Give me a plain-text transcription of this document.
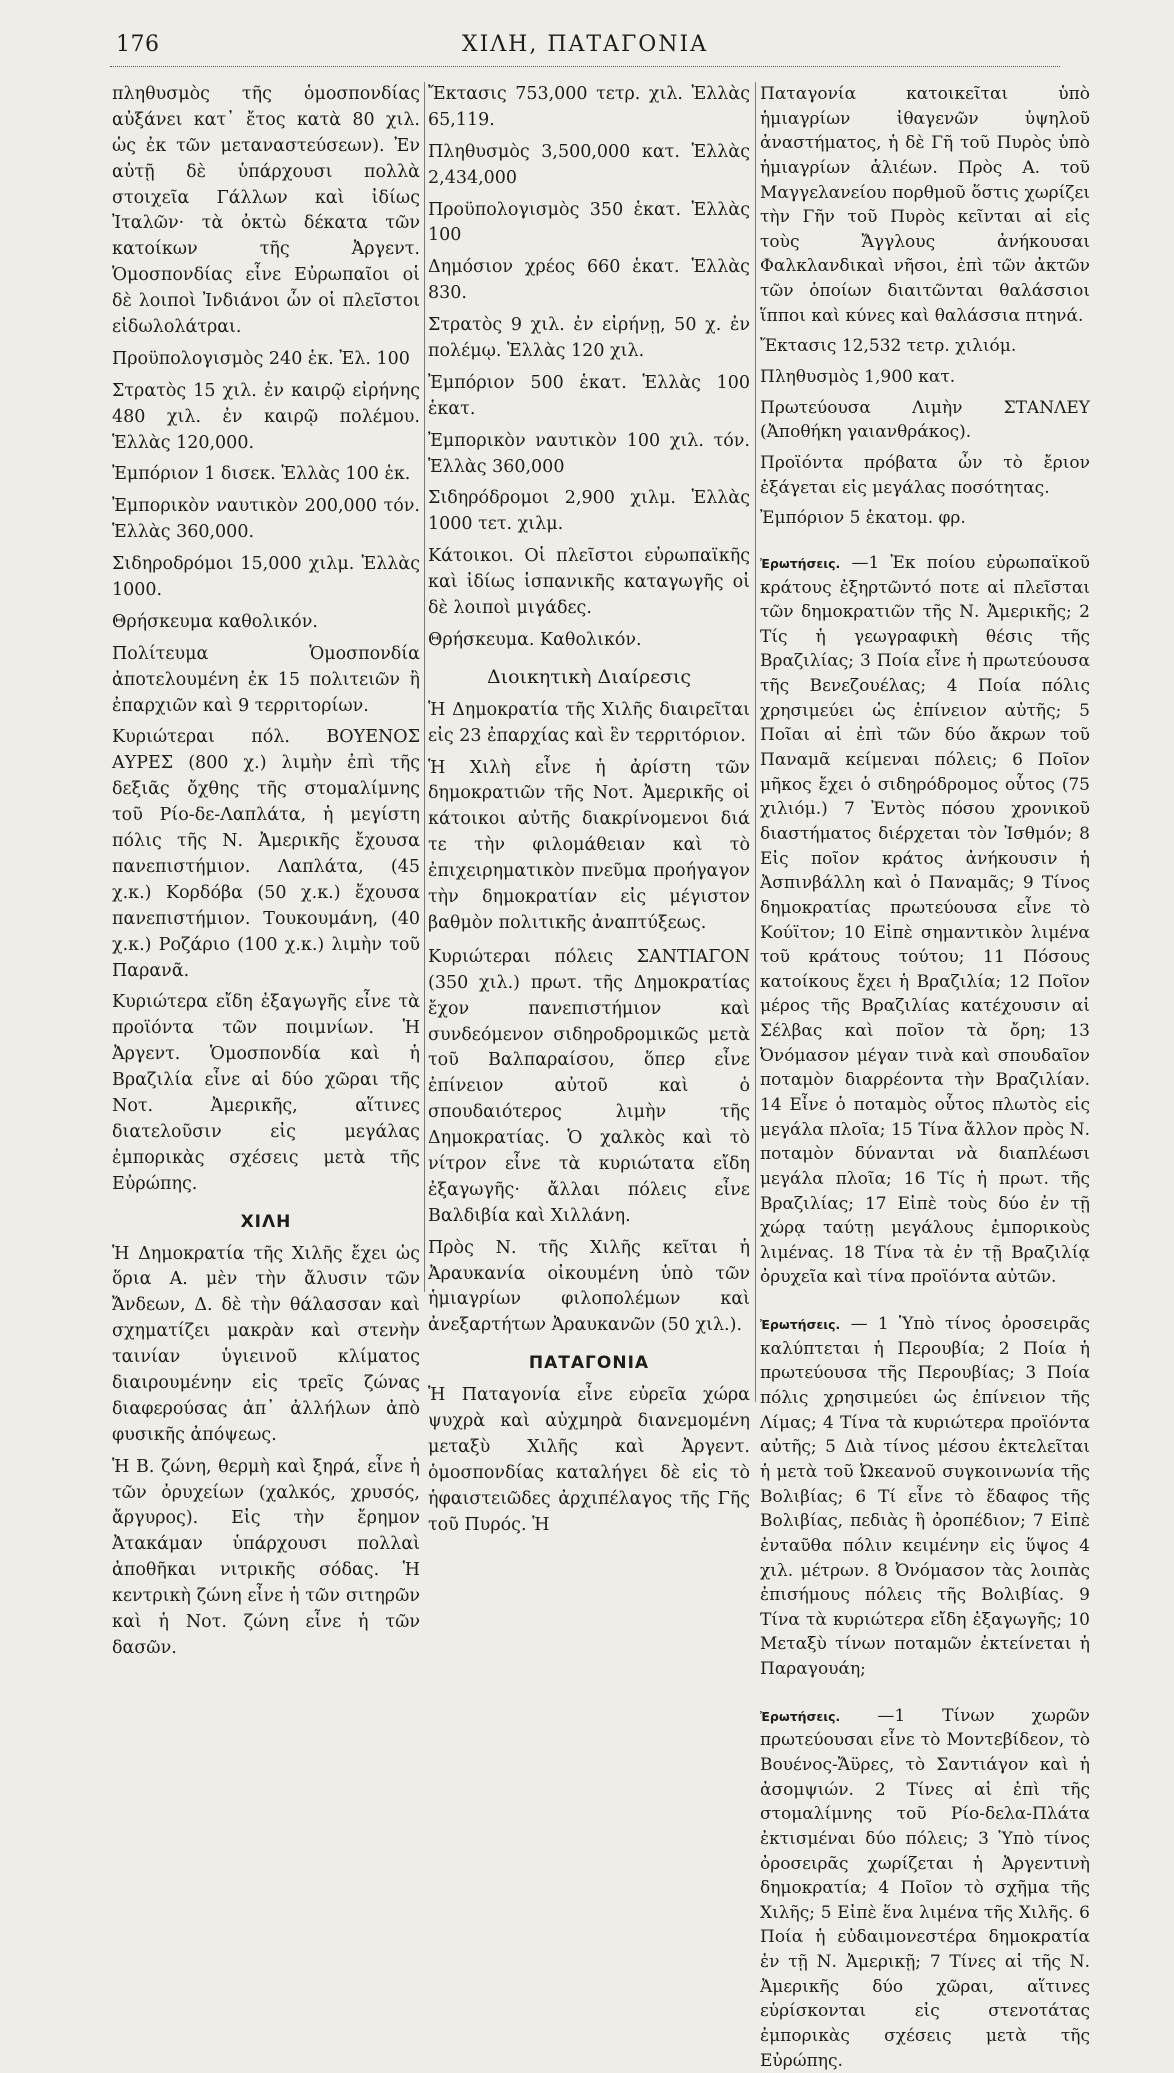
176	ΧΙΛΗ, ΠΑΤΑΓΟΝΙΑ

πληθυσμὸς τῆς ὁμοσπονδίας αὐξάνει κατ᾽ ἔτος κατὰ 80 χιλ. ὡς ἐκ τῶν μεταναστεύσεων). Ἐν αὐτῇ δὲ ὑπάρχουσι πολλὰ στοιχεῖα Γάλλων καὶ ἰδίως Ἰταλῶν· τὰ ὀκτὼ δέκατα τῶν κατοίκων τῆς Ἀργεντ. Ὁμοσπονδίας εἶνε Εὐρωπαῖοι οἱ δὲ λοιποὶ Ἰνδιάνοι ὧν οἱ πλεῖστοι εἰδωλολάτραι.

Προϋπολογισμὸς 240 ἑκ. Ἐλ. 100

Στρατὸς 15 χιλ. ἐν καιρῷ εἰρήνης 480 χιλ. ἐν καιρῷ πολέμου. Ἑλλὰς 120,000.

Ἐμπόριον 1 δισεκ. Ἑλλὰς 100 ἑκ.

Ἐμπορικὸν ναυτικὸν 200,000 τόν. Ἑλλὰς 360,000.

Σιδηροδρόμοι 15,000 χιλμ. Ἑλλὰς 1000.

Θρήσκευμα καθολικόν.

Πολίτευμα Ὁμοσπονδία ἀποτελουμένη ἐκ 15 πολιτειῶν ἢ ἐπαρχιῶν καὶ 9 τερριτορίων.

Κυριώτεραι πόλ. ΒΟΥΕΝΟΣ ΑΥΡΕΣ (800 χ.) λιμὴν ἐπὶ τῆς δεξιᾶς ὄχθης τῆς στομαλίμνης τοῦ Ρίο-δε-Λαπλάτα, ἡ μεγίστη πόλις τῆς Ν. Ἀμερικῆς ἔχουσα πανεπιστήμιον. Λαπλάτα, (45 χ.κ.) Κορδόβα (50 χ.κ.) ἔχουσα πανεπιστήμιον. Τουκουμάνη, (40 χ.κ.) Ροζάριο (100 χ.κ.) λιμὴν τοῦ Παρανᾶ.

Κυριώτερα εἴδη ἐξαγωγῆς εἶνε τὰ προϊόντα τῶν ποιμνίων. Ἡ Ἀργεντ. Ὁμοσπονδία καὶ ἡ Βραζιλία εἶνε αἱ δύο χῶραι τῆς Νοτ. Ἀμερικῆς, αἵτινες διατελοῦσιν εἰς μεγάλας ἐμπορικὰς σχέσεις μετὰ τῆς Εὐρώπης.

ΧΙΛΗ

Ἡ Δημοκρατία τῆς Χιλῆς ἔχει ὡς ὅρια Α. μὲν τὴν ἄλυσιν τῶν Ἄνδεων, Δ. δὲ τὴν θάλασσαν καὶ σχηματίζει μακρὰν καὶ στενὴν ταινίαν ὑγιεινοῦ κλίματος διαιρουμένην εἰς τρεῖς ζώνας διαφερούσας ἀπ᾽ ἀλλήλων ἀπὸ φυσικῆς ἀπόψεως.

Ἡ Β. ζώνη, θερμὴ καὶ ξηρά, εἶνε ἡ τῶν ὀρυχείων (χαλκός, χρυσός, ἄργυρος). Εἰς τὴν ἔρημον Ἀτακάμαν ὑπάρχουσι πολλαὶ ἀποθῆκαι νιτρικῆς σόδας. Ἡ κεντρικὴ ζώνη εἶνε ἡ τῶν σιτηρῶν καὶ ἡ Νοτ. ζώνη εἶνε ἡ τῶν δασῶν.

Ἔκτασις 753,000 τετρ. χιλ. Ἑλλὰς 65,119.

Πληθυσμὸς 3,500,000 κατ. Ἑλλὰς 2,434,000

Προϋπολογισμὸς 350 ἑκατ. Ἑλλὰς 100

Δημόσιον χρέος 660 ἑκατ. Ἑλλὰς 830.

Στρατὸς 9 χιλ. ἐν εἰρήνῃ, 50 χ. ἐν πολέμῳ. Ἑλλὰς 120 χιλ.

Ἐμπόριον 500 ἑκατ. Ἑλλὰς 100 ἑκατ.

Ἐμπορικὸν ναυτικὸν 100 χιλ. τόν. Ἑλλὰς 360,000

Σιδηρόδρομοι 2,900 χιλμ. Ἑλλὰς 1000 τετ. χιλμ.

Κάτοικοι. Οἱ πλεῖστοι εὐρωπαϊκῆς καὶ ἰδίως ἱσπανικῆς καταγωγῆς οἱ δὲ λοιποὶ μιγάδες.

Θρήσκευμα. Καθολικόν.

Διοικητικὴ Διαίρεσις

Ἡ Δημοκρατία τῆς Χιλῆς διαιρεῖται εἰς 23 ἐπαρχίας καὶ ἓν τερριτόριον.

Ἡ Χιλὴ εἶνε ἡ ἀρίστη τῶν δημοκρατιῶν τῆς Νοτ. Ἀμερικῆς οἱ κάτοικοι αὐτῆς διακρίνομενοι διά τε τὴν φιλομάθειαν καὶ τὸ ἐπιχειρηματικὸν πνεῦμα προήγαγον τὴν δημοκρατίαν εἰς μέγιστον βαθμὸν πολιτικῆς ἀναπτύξεως.

Κυριώτεραι πόλεις ΣΑΝΤΙΑΓΟΝ (350 χιλ.) πρωτ. τῆς Δημοκρατίας ἔχον πανεπιστήμιον καὶ συνδεόμενον σιδηροδρομικῶς μετὰ τοῦ Βαλπαραίσου, ὅπερ εἶνε ἐπίνειον αὐτοῦ καὶ ὁ σπουδαιότερος λιμὴν τῆς Δημοκρατίας. Ὁ χαλκὸς καὶ τὸ νίτρον εἶνε τὰ κυριώτατα εἴδη ἐξαγωγῆς· ἄλλαι πόλεις εἶνε Βαλδιβία καὶ Χιλλάνη.

Πρὸς Ν. τῆς Χιλῆς κεῖται ἡ Ἀραυκανία οἰκουμένη ὑπὸ τῶν ἡμιαγρίων φιλοπολέμων καὶ ἀνεξαρτήτων Ἀραυκανῶν (50 χιλ.).

ΠΑΤΑΓΟΝΙΑ

Ἡ Παταγονία εἶνε εὐρεῖα χώρα ψυχρὰ καὶ αὐχμηρὰ διανεμομένη μεταξὺ Χιλῆς καὶ Ἀργεντ. ὁμοσπονδίας καταλήγει δὲ εἰς τὸ ἡφαιστειῶδες ἀρχιπέλαγος τῆς Γῆς τοῦ Πυρός. Ἡ

Παταγονία κατοικεῖται ὑπὸ ἡμιαγρίων ἰθαγενῶν ὑψηλοῦ ἀναστήματος, ἡ δὲ Γῆ τοῦ Πυρὸς ὑπὸ ἡμιαγρίων ἁλιέων. Πρὸς Α. τοῦ Μαγγελανείου πορθμοῦ ὅστις χωρίζει τὴν Γῆν τοῦ Πυρὸς κεῖνται αἱ εἰς τοὺς Ἄγγλους ἀνήκουσαι Φαλκλανδικαὶ νῆσοι, ἐπὶ τῶν ἀκτῶν τῶν ὁποίων διαιτῶνται θαλάσσιοι ἵπποι καὶ κύνες καὶ θαλάσσια πτηνά.

Ἔκτασις 12,532 τετρ. χιλιόμ.

Πληθυσμὸς 1,900 κατ.

Πρωτεύουσα Λιμὴν ΣΤΑΝΛΕΥ (Ἀποθήκη γαιανθράκος).

Προϊόντα πρόβατα ὧν τὸ ἔριον ἐξάγεται εἰς μεγάλας ποσότητας.

Ἐμπόριον 5 ἑκατομ. φρ.

Ἐρωτήσεις. —1 Ἐκ ποίου εὐρωπαϊκοῦ κράτους ἐξηρτῶντό ποτε αἱ πλεῖσται τῶν δημοκρατιῶν τῆς Ν. Ἀμερικῆς; 2 Τίς ἡ γεωγραφικὴ θέσις τῆς Βραζιλίας; 3 Ποία εἶνε ἡ πρωτεύουσα τῆς Βενεζουέλας; 4 Ποία πόλις χρησιμεύει ὡς ἐπίνειον αὐτῆς; 5 Ποῖαι αἱ ἐπὶ τῶν δύο ἄκρων τοῦ Παναμᾶ κείμεναι πόλεις; 6 Ποῖον μῆκος ἔχει ὁ σιδηρόδρομος οὗτος (75 χιλιόμ.) 7 Ἐντὸς πόσου χρονικοῦ διαστήματος διέρχεται τὸν Ἰσθμόν; 8 Εἰς ποῖον κράτος ἀνήκουσιν ἡ Ἀσπινβάλλη καὶ ὁ Παναμᾶς; 9 Τίνος δημοκρατίας πρωτεύουσα εἶνε τὸ Κούϊτον; 10 Εἰπὲ σημαντικὸν λιμένα τοῦ κράτους τούτου; 11 Πόσους κατοίκους ἔχει ἡ Βραζιλία; 12 Ποῖον μέρος τῆς Βραζιλίας κατέχουσιν αἱ Σέλβας καὶ ποῖον τὰ ὄρη; 13 Ὀνόμασον μέγαν τινὰ καὶ σπουδαῖον ποταμὸν διαρρέοντα τὴν Βραζιλίαν. 14 Εἶνε ὁ ποταμὸς οὗτος πλωτὸς εἰς μεγάλα πλοῖα; 15 Τίνα ἄλλον πρὸς Ν. ποταμὸν δύνανται νὰ διαπλέωσι μεγάλα πλοῖα; 16 Τίς ἡ πρωτ. τῆς Βραζιλίας; 17 Εἰπὲ τοὺς δύο ἐν τῇ χώρᾳ ταύτῃ μεγάλους ἐμπορικοὺς λιμένας. 18 Τίνα τὰ ἐν τῇ Βραζιλίᾳ ὀρυχεῖα καὶ τίνα προϊόντα αὐτῶν.

Ἐρωτήσεις. — 1 Ὑπὸ τίνος ὀροσειρᾶς καλύπτεται ἡ Περουβία; 2 Ποία ἡ πρωτεύουσα τῆς Περουβίας; 3 Ποία πόλις χρησιμεύει ὡς ἐπίνειον τῆς Λίμας; 4 Τίνα τὰ κυριώτερα προϊόντα αὐτῆς; 5 Διὰ τίνος μέσου ἐκτελεῖται ἡ μετὰ τοῦ Ὠκεανοῦ συγκοινωνία τῆς Βολιβίας; 6 Τί εἶνε τὸ ἔδαφος τῆς Βολιβίας, πεδιὰς ἢ ὀροπέδιον; 7 Εἰπὲ ἐνταῦθα πόλιν κειμένην εἰς ὕψος 4 χιλ. μέτρων. 8 Ὀνόμασον τὰς λοιπὰς ἐπισήμους πόλεις τῆς Βολιβίας. 9 Τίνα τὰ κυριώτερα εἴδη ἐξαγωγῆς; 10 Μεταξὺ τίνων ποταμῶν ἐκτείνεται ἡ Παραγουάη;

Ἐρωτήσεις. —1 Τίνων χωρῶν πρωτεύουσαι εἶνε τὸ Μοντεβίδεον, τὸ Βουένος-Ἄϋρες, τὸ Σαντιάγον καὶ ἡ ἀσομψιών. 2 Τίνες αἱ ἐπὶ τῆς στομαλίμνης τοῦ Ρίο-δελα-Πλάτα ἐκτισμέναι δύο πόλεις; 3 Ὑπὸ τίνος ὀροσειρᾶς χωρίζεται ἡ Ἀργεντινὴ δημοκρατία; 4 Ποῖον τὸ σχῆμα τῆς Χιλῆς; 5 Εἰπὲ ἕνα λιμένα τῆς Χιλῆς. 6 Ποία ἡ εὐδαιμονεστέρα δημοκρατία ἐν τῇ Ν. Ἀμερικῇ; 7 Τίνες αἱ τῆς Ν. Ἀμερικῆς δύο χῶραι, αἵτινες εὑρίσκονται εἰς στενοτάτας ἐμπορικὰς σχέσεις μετὰ τῆς Εὐρώπης.
